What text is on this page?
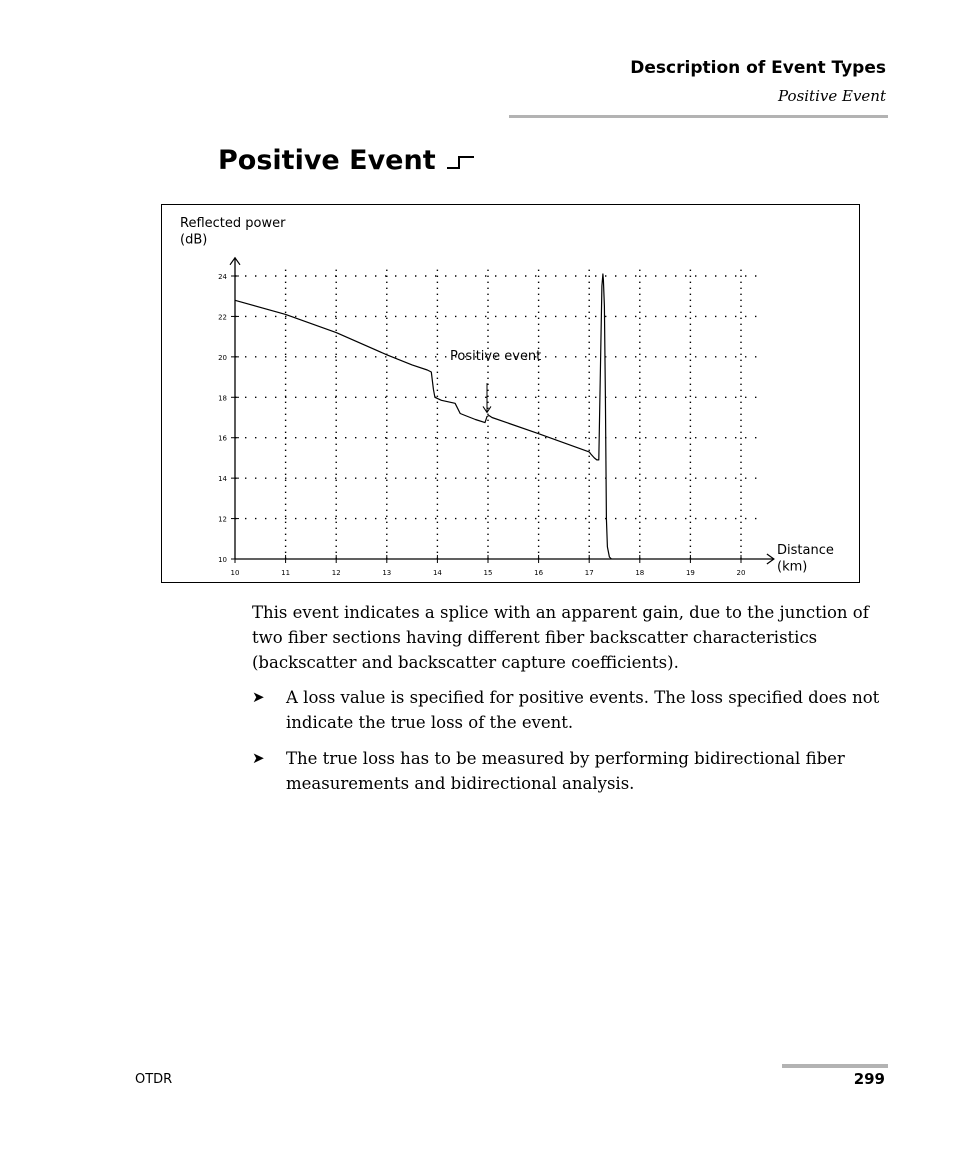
Description of Event Types
Positive Event
Positive Event
10
12
14
16
18
20
22
24
10	11	12	13	14	15	16	17	18	19	20
Reflected power (dB)
Distance (km)
Positive event

This event indicates a splice with an apparent gain, due to the junction of two fiber sections having different fiber backscatter characteristics (backscatter and backscatter capture coefficients).

➤	A loss value is specified for positive events. The loss specified does not indicate the true loss of the event.
➤	The true loss has to be measured by performing bidirectional fiber measurements and bidirectional analysis.
OTDR	299
